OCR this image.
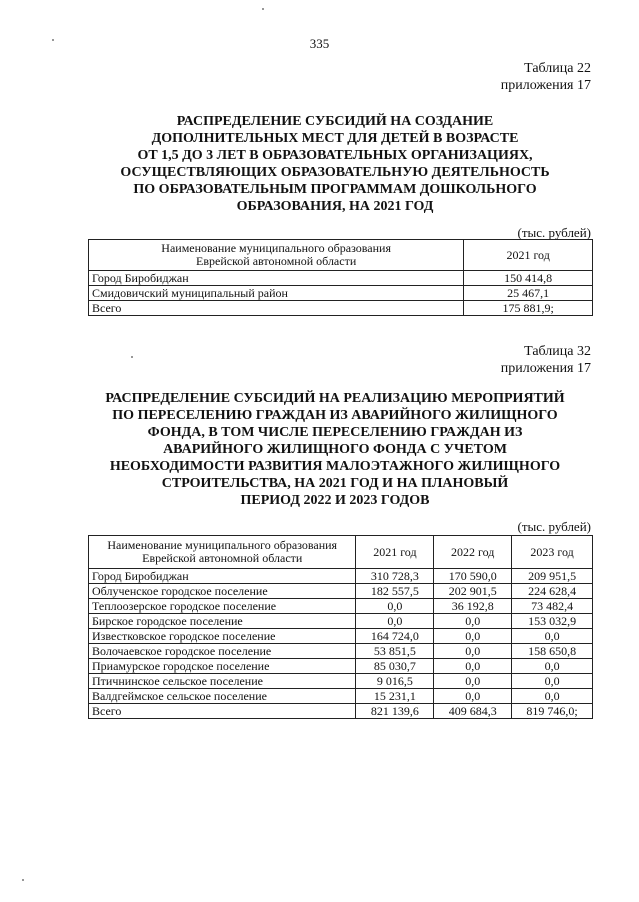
335
Таблица 22
приложения 17
РАСПРЕДЕЛЕНИЕ СУБСИДИЙ НА СОЗДАНИЕ
ДОПОЛНИТЕЛЬНЫХ МЕСТ ДЛЯ ДЕТЕЙ В ВОЗРАСТЕ
ОТ 1,5 ДО 3 ЛЕТ В ОБРАЗОВАТЕЛЬНЫХ ОРГАНИЗАЦИЯХ,
ОСУЩЕСТВЛЯЮЩИХ ОБРАЗОВАТЕЛЬНУЮ ДЕЯТЕЛЬНОСТЬ
ПО ОБРАЗОВАТЕЛЬНЫМ ПРОГРАММАМ ДОШКОЛЬНОГО
ОБРАЗОВАНИЯ, НА 2021 ГОД
(тыс. рублей)
Наименование муниципального образования
Еврейской автономной области	2021 год
Город Биробиджан	150 414,8
Смидовичский муниципальный район	25 467,1
Всего	175 881,9;
Таблица 32
приложения 17
РАСПРЕДЕЛЕНИЕ СУБСИДИЙ НА РЕАЛИЗАЦИЮ МЕРОПРИЯТИЙ
ПО ПЕРЕСЕЛЕНИЮ ГРАЖДАН ИЗ АВАРИЙНОГО ЖИЛИЩНОГО
ФОНДА, В ТОМ ЧИСЛЕ ПЕРЕСЕЛЕНИЮ ГРАЖДАН ИЗ
АВАРИЙНОГО ЖИЛИЩНОГО ФОНДА С УЧЕТОМ
НЕОБХОДИМОСТИ РАЗВИТИЯ МАЛОЭТАЖНОГО ЖИЛИЩНОГО
СТРОИТЕЛЬСТВА, НА 2021 ГОД И НА ПЛАНОВЫЙ
ПЕРИОД 2022 И 2023 ГОДОВ
(тыс. рублей)
Наименование муниципального образования
Еврейской автономной области	2021 год	2022 год	2023 год
Город Биробиджан	310 728,3	170 590,0	209 951,5
Облученское городское поселение	182 557,5	202 901,5	224 628,4
Теплоозерское городское поселение	0,0	36 192,8	73 482,4
Бирское городское поселение	0,0	0,0	153 032,9
Известковское городское поселение	164 724,0	0,0	0,0
Волочаевское городское поселение	53 851,5	0,0	158 650,8
Приамурское городское поселение	85 030,7	0,0	0,0
Птичнинское сельское поселение	9 016,5	0,0	0,0
Валдгеймское сельское поселение	15 231,1	0,0	0,0
Всего	821 139,6	409 684,3	819 746,0;
